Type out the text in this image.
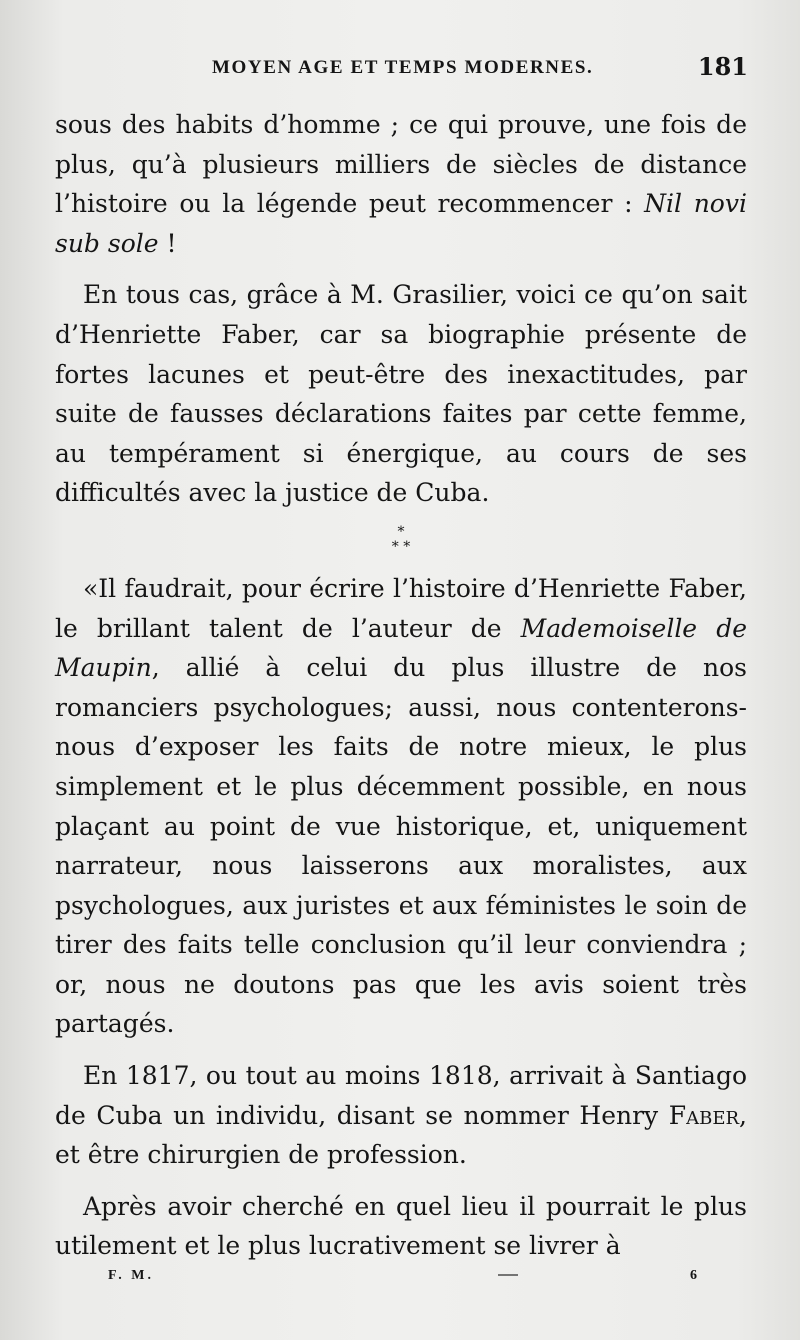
MOYEN AGE ET TEMPS MODERNES.	181

sous des habits d’homme ; ce qui prouve, une fois de plus, qu’à plusieurs milliers de siècles de distance l’histoire ou la légende peut recommencer : Nil novi sub sole !

En tous cas, grâce à M. Grasilier, voici ce qu’on sait d’Henriette Faber, car sa biographie présente de fortes lacunes et peut-être des inexactitudes, par suite de fausses déclarations faites par cette femme, au tempérament si énergique, au cours de ses difficultés avec la justice de Cuba.

*
* *

«Il faudrait, pour écrire l’histoire d’Henriette Faber, le brillant talent de l’auteur de Mademoiselle de Maupin, allié à celui du plus illustre de nos romanciers psychologues; aussi, nous contenterons-nous d’exposer les faits de notre mieux, le plus simplement et le plus décemment possible, en nous plaçant au point de vue historique, et, uniquement narrateur, nous laisserons aux moralistes, aux psychologues, aux juristes et aux féministes le soin de tirer des faits telle conclusion qu’il leur conviendra ; or, nous ne doutons pas que les avis soient très partagés.

En 1817, ou tout au moins 1818, arrivait à Santiago de Cuba un individu, disant se nommer Henry Faber, et être chirurgien de profession.

Après avoir cherché en quel lieu il pourrait le plus utilement et le plus lucrativement se livrer à

F. M.	6
